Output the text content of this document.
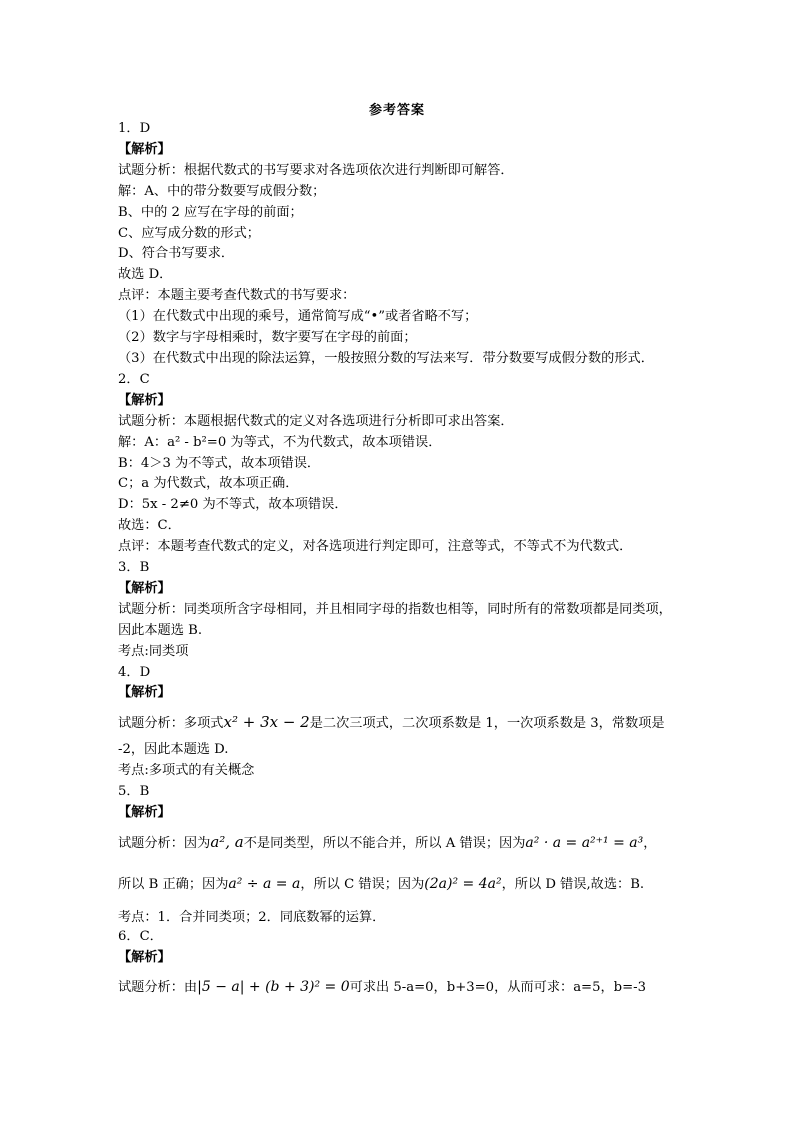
参考答案
1．D
【解析】
试题分析：根据代数式的书写要求对各选项依次进行判断即可解答．
解：A、中的带分数要写成假分数；
B、中的 2 应写在字母的前面；
C、应写成分数的形式；
D、符合书写要求．
故选 D．
点评：本题主要考查代数式的书写要求：
（1）在代数式中出现的乘号，通常简写成“•”或者省略不写；
（2）数字与字母相乘时，数字要写在字母的前面；
（3）在代数式中出现的除法运算，一般按照分数的写法来写．带分数要写成假分数的形式．
2．C
【解析】
试题分析：本题根据代数式的定义对各选项进行分析即可求出答案．
解：A：a² - b²=0 为等式，不为代数式，故本项错误．
B：4＞3 为不等式，故本项错误．
C；a 为代数式，故本项正确．
D：5x - 2≠0 为不等式，故本项错误．
故选：C．
点评：本题考查代数式的定义，对各选项进行判定即可，注意等式，不等式不为代数式．
3．B
【解析】
试题分析：同类项所含字母相同，并且相同字母的指数也相等，同时所有的常数项都是同类项，因此本题选 B.
考点:同类项
4．D
【解析】
试题分析：多项式x² + 3x − 2是二次三项式，二次项系数是 1，一次项系数是 3，常数项是
-2，因此本题选 D.
考点:多项式的有关概念
5．B
【解析】
试题分析：因为a², a不是同类型，所以不能合并，所以 A 错误；因为a² · a = a²⁺¹ = a³，
所以 B 正确；因为a² ÷ a = a，所以 C 错误；因为(2a)² = 4a²，所以 D 错误,故选：B.
考点：1．合并同类项；2．同底数幂的运算．
6．C．
【解析】
试题分析：由|5 − a| + (b + 3)² = 0可求出 5-a=0，b+3=0，从而可求：a=5，b=-3
